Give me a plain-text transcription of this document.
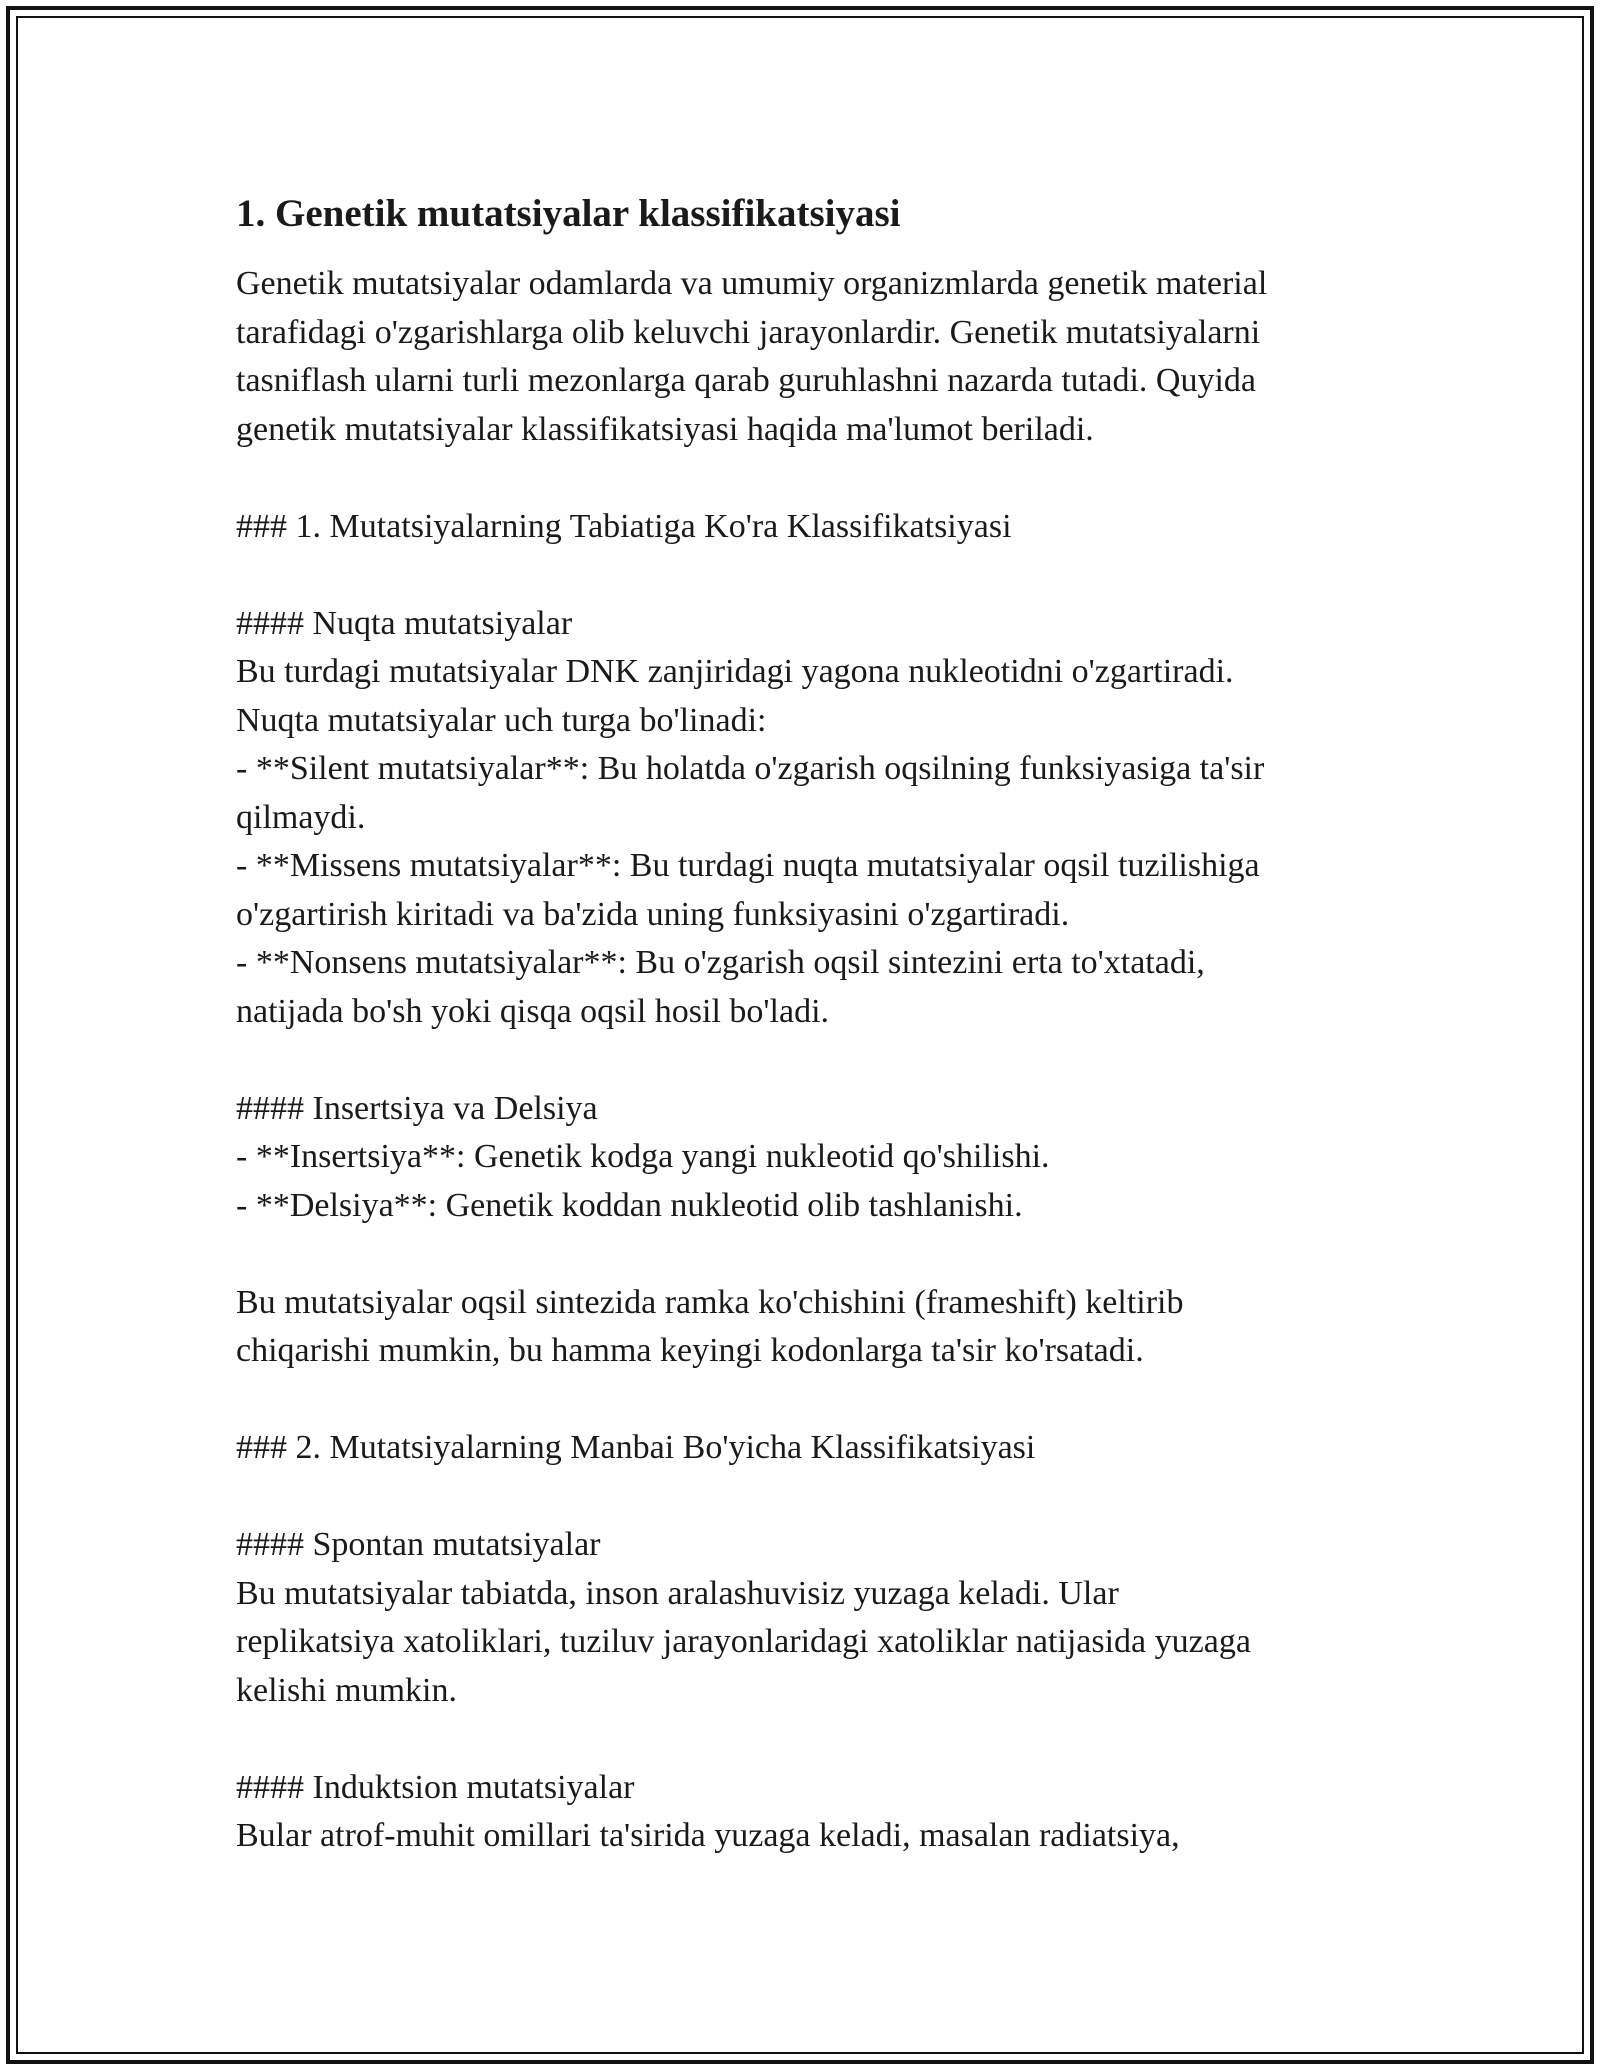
1. Genetik mutatsiyalar klassifikatsiyasi

Genetik mutatsiyalar odamlarda va umumiy organizmlarda genetik material

tarafidagi o'zgarishlarga olib keluvchi jarayonlardir. Genetik mutatsiyalarni

tasniflash ularni turli mezonlarga qarab guruhlashni nazarda tutadi. Quyida

genetik mutatsiyalar klassifikatsiyasi haqida ma'lumot beriladi.

### 1. Mutatsiyalarning Tabiatiga Ko'ra Klassifikatsiyasi

#### Nuqta mutatsiyalar

Bu turdagi mutatsiyalar DNK zanjiridagi yagona nukleotidni o'zgartiradi.

Nuqta mutatsiyalar uch turga bo'linadi:

- **Silent mutatsiyalar**: Bu holatda o'zgarish oqsilning funksiyasiga ta'sir

qilmaydi.

- **Missens mutatsiyalar**: Bu turdagi nuqta mutatsiyalar oqsil tuzilishiga

o'zgartirish kiritadi va ba'zida uning funksiyasini o'zgartiradi.

- **Nonsens mutatsiyalar**: Bu o'zgarish oqsil sintezini erta to'xtatadi,

natijada bo'sh yoki qisqa oqsil hosil bo'ladi.

#### Insertsiya va Delsiya

- **Insertsiya**: Genetik kodga yangi nukleotid qo'shilishi.

- **Delsiya**: Genetik koddan nukleotid olib tashlanishi.

Bu mutatsiyalar oqsil sintezida ramka ko'chishini (frameshift) keltirib

chiqarishi mumkin, bu hamma keyingi kodonlarga ta'sir ko'rsatadi.

### 2. Mutatsiyalarning Manbai Bo'yicha Klassifikatsiyasi

#### Spontan mutatsiyalar

Bu mutatsiyalar tabiatda, inson aralashuvisiz yuzaga keladi. Ular

replikatsiya xatoliklari, tuziluv jarayonlaridagi xatoliklar natijasida yuzaga

kelishi mumkin.

#### Induktsion mutatsiyalar

Bular atrof-muhit omillari ta'sirida yuzaga keladi, masalan radiatsiya,
